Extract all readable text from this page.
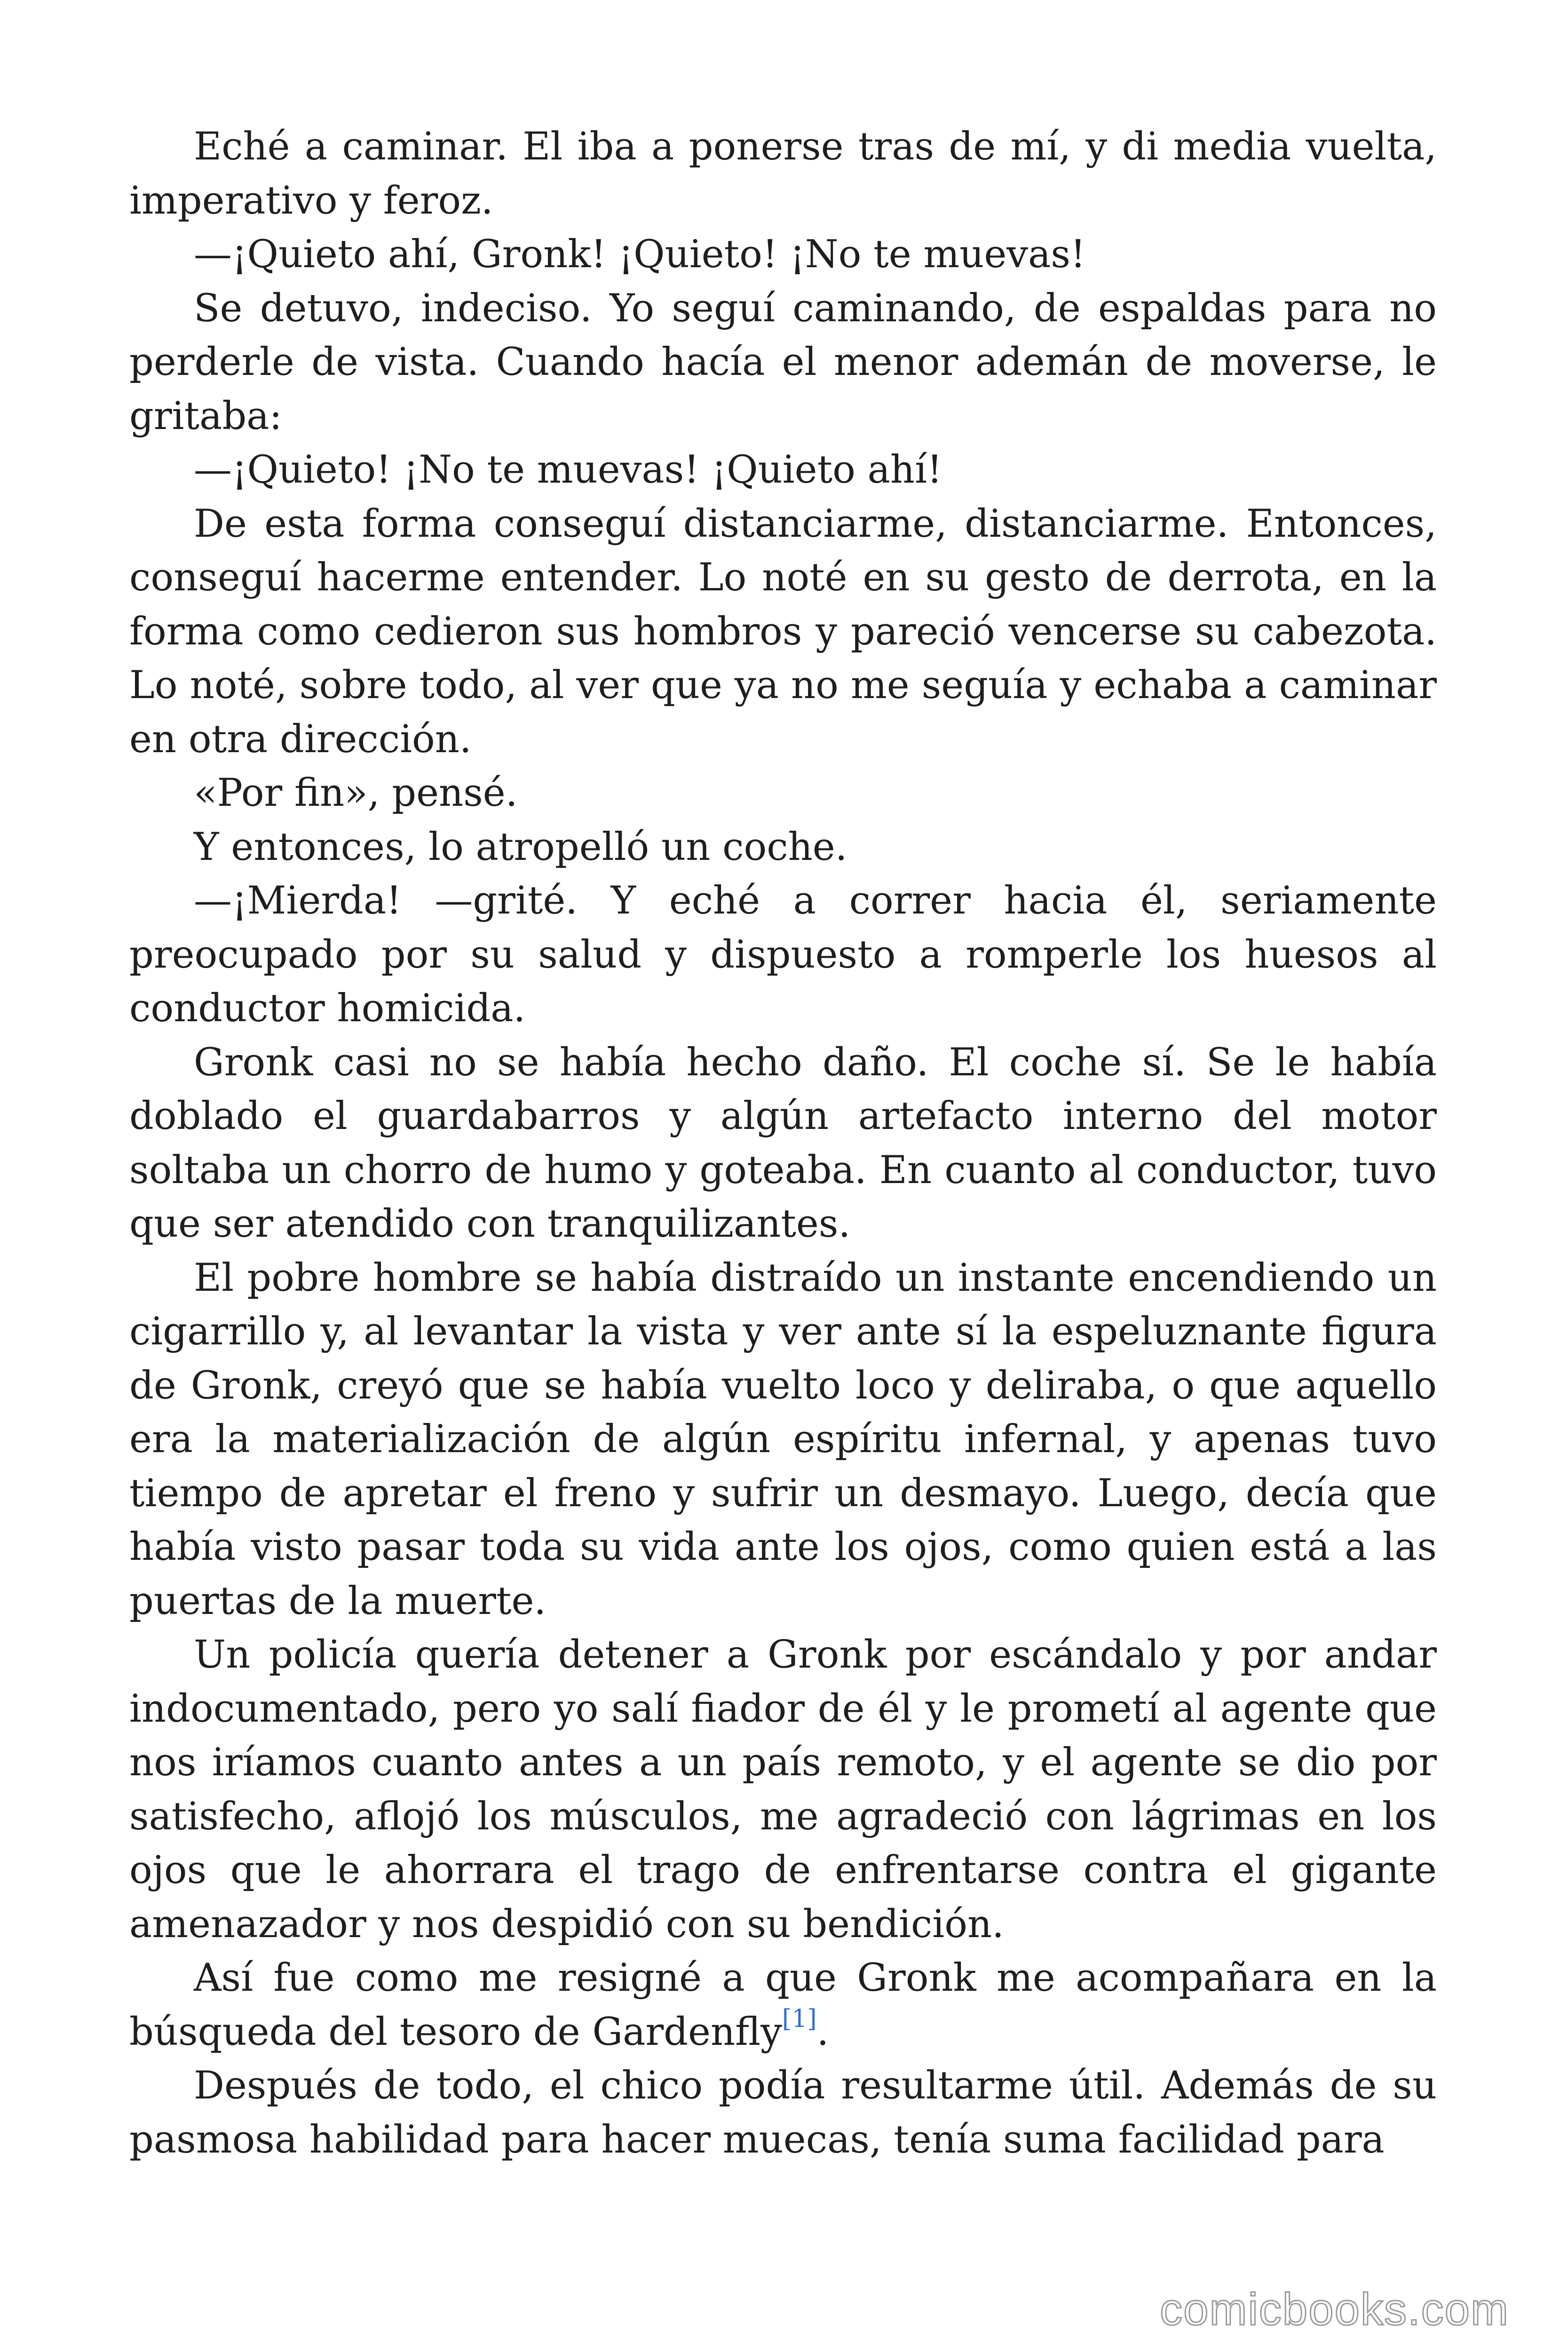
Eché a caminar. El iba a ponerse tras de mí, y di media vuelta, imperativo y feroz.

—¡Quieto ahí, Gronk! ¡Quieto! ¡No te muevas!

Se detuvo, indeciso. Yo seguí caminando, de espaldas para no perderle de vista. Cuando hacía el menor ademán de moverse, le gritaba:

—¡Quieto! ¡No te muevas! ¡Quieto ahí!

De esta forma conseguí distanciarme, distanciarme. Entonces, conseguí hacerme entender. Lo noté en su gesto de derrota, en la forma como cedieron sus hombros y pareció vencerse su cabezota. Lo noté, sobre todo, al ver que ya no me seguía y echaba a caminar en otra dirección.

«Por fin», pensé.

Y entonces, lo atropelló un coche.

—¡Mierda! —grité. Y eché a correr hacia él, seriamente preocupado por su salud y dispuesto a romperle los huesos al conductor homicida.

Gronk casi no se había hecho daño. El coche sí. Se le había doblado el guardabarros y algún artefacto interno del motor soltaba un chorro de humo y goteaba. En cuanto al conductor, tuvo que ser atendido con tranquilizantes.

El pobre hombre se había distraído un instante encendiendo un cigarrillo y, al levantar la vista y ver ante sí la espeluznante figura de Gronk, creyó que se había vuelto loco y deliraba, o que aquello era la materialización de algún espíritu infernal, y apenas tuvo tiempo de apretar el freno y sufrir un desmayo. Luego, decía que había visto pasar toda su vida ante los ojos, como quien está a las puertas de la muerte.

Un policía quería detener a Gronk por escándalo y por andar indocumentado, pero yo salí fiador de él y le prometí al agente que nos iríamos cuanto antes a un país remoto, y el agente se dio por satisfecho, aflojó los músculos, me agradeció con lágrimas en los ojos que le ahorrara el trago de enfrentarse contra el gigante amenazador y nos despidió con su bendición.

Así fue como me resigné a que Gronk me acompañara en la búsqueda del tesoro de Gardenfly[1].

Después de todo, el chico podía resultarme útil. Además de su pasmosa habilidad para hacer muecas, tenía suma facilidad para

comicbooks.com
